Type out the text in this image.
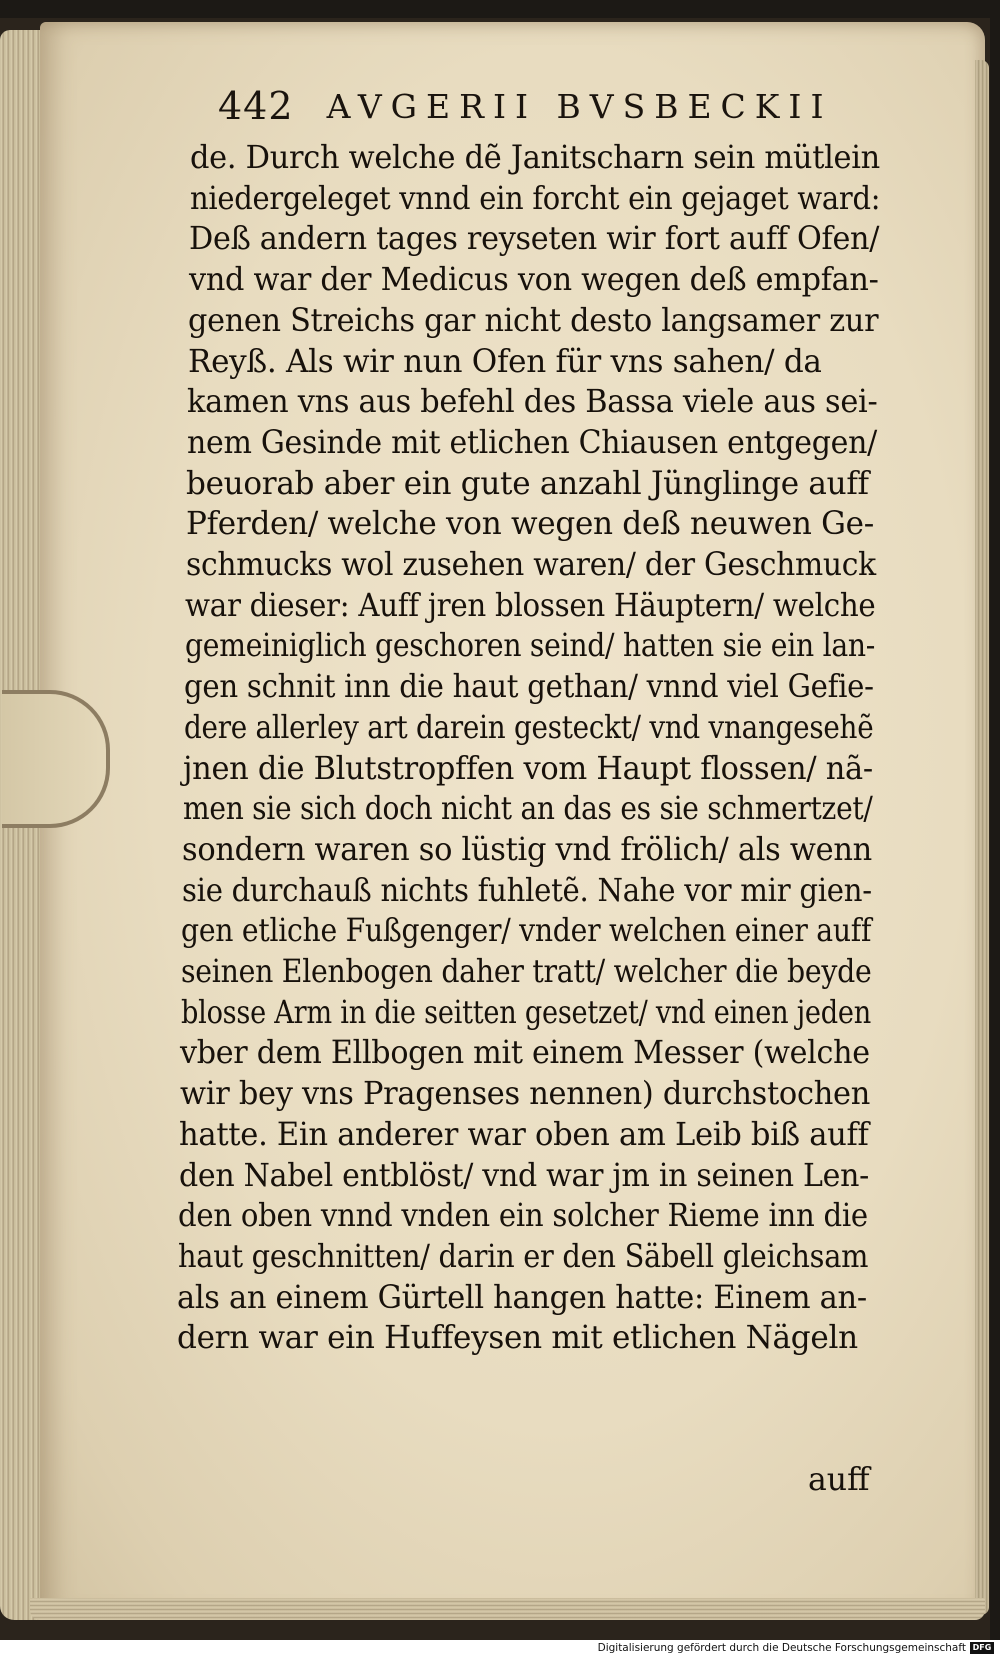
442 AVGERII BVSBECKII
de. Durch welche dẽ Janitscharn sein mütlein
niedergeleget vnnd ein forcht ein gejaget ward:
Deß andern tages reyseten wir fort auff Ofen/
vnd war der Medicus von wegen deß empfan-
genen Streichs gar nicht desto langsamer zur
Reyß. Als wir nun Ofen für vns sahen/ da
kamen vns aus befehl des Bassa viele aus sei-
nem Gesinde mit etlichen Chiausen entgegen/
beuorab aber ein gute anzahl Jünglinge auff
Pferden/ welche von wegen deß neuwen Ge-
schmucks wol zusehen waren/ der Geschmuck
war dieser: Auff jren blossen Häuptern/ welche
gemeiniglich geschoren seind/ hatten sie ein lan-
gen schnit inn die haut gethan/ vnnd viel Gefie-
dere allerley art darein gesteckt/ vnd vnangesehẽ
jnen die Blutstropffen vom Haupt flossen/ nã-
men sie sich doch nicht an das es sie schmertzet/
sondern waren so lüstig vnd frölich/ als wenn
sie durchauß nichts fuhletẽ. Nahe vor mir gien-
gen etliche Fußgenger/ vnder welchen einer auff
seinen Elenbogen daher tratt/ welcher die beyde
blosse Arm in die seitten gesetzet/ vnd einen jeden
vber dem Ellbogen mit einem Messer (welche
wir bey vns Pragenses nennen) durchstochen
hatte. Ein anderer war oben am Leib biß auff
den Nabel entblöst/ vnd war jm in seinen Len-
den oben vnnd vnden ein solcher Rieme inn die
haut geschnitten/ darin er den Säbell gleichsam
als an einem Gürtell hangen hatte: Einem an-
dern war ein Huffeysen mit etlichen Nägeln
auff
Digitalisierung gefördert durch die Deutsche Forschungsgemeinschaft DFG
